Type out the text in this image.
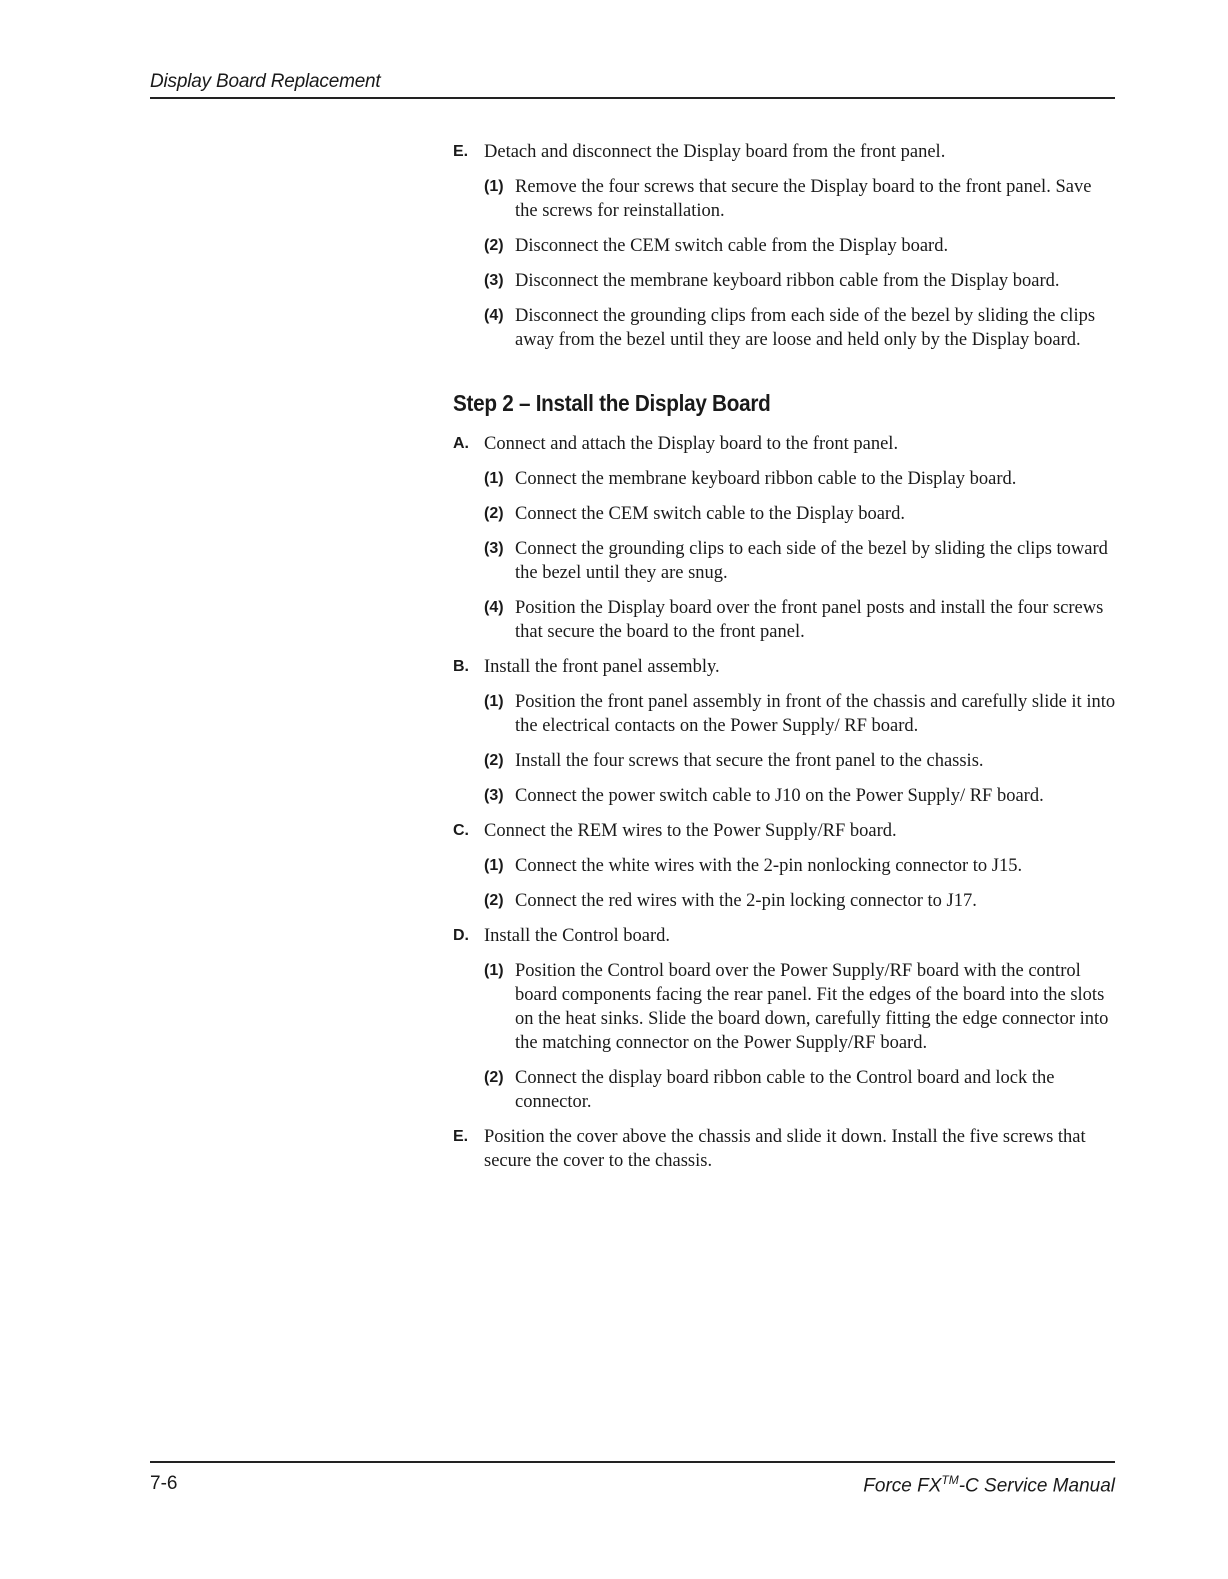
Display Board Replacement
E. Detach and disconnect the Display board from the front panel.
(1) Remove the four screws that secure the Display board to the front panel. Save the screws for reinstallation.
(2) Disconnect the CEM switch cable from the Display board.
(3) Disconnect the membrane keyboard ribbon cable from the Display board.
(4) Disconnect the grounding clips from each side of the bezel by sliding the clips away from the bezel until they are loose and held only by the Display board.
Step 2 – Install the Display Board
A. Connect and attach the Display board to the front panel.
(1) Connect the membrane keyboard ribbon cable to the Display board.
(2) Connect the CEM switch cable to the Display board.
(3) Connect the grounding clips to each side of the bezel by sliding the clips toward the bezel until they are snug.
(4) Position the Display board over the front panel posts and install the four screws that secure the board to the front panel.
B. Install the front panel assembly.
(1) Position the front panel assembly in front of the chassis and carefully slide it into the electrical contacts on the Power Supply/ RF board.
(2) Install the four screws that secure the front panel to the chassis.
(3) Connect the power switch cable to J10 on the Power Supply/ RF board.
C. Connect the REM wires to the Power Supply/RF board.
(1) Connect the white wires with the 2-pin nonlocking connector to J15.
(2) Connect the red wires with the 2-pin locking connector to J17.
D. Install the Control board.
(1) Position the Control board over the Power Supply/RF board with the control board components facing the rear panel. Fit the edges of the board into the slots on the heat sinks. Slide the board down, carefully fitting the edge connector into the matching connector on the Power Supply/RF board.
(2) Connect the display board ribbon cable to the Control board and lock the connector.
E. Position the cover above the chassis and slide it down. Install the five screws that secure the cover to the chassis.
7-6	Force FX™-C Service Manual
